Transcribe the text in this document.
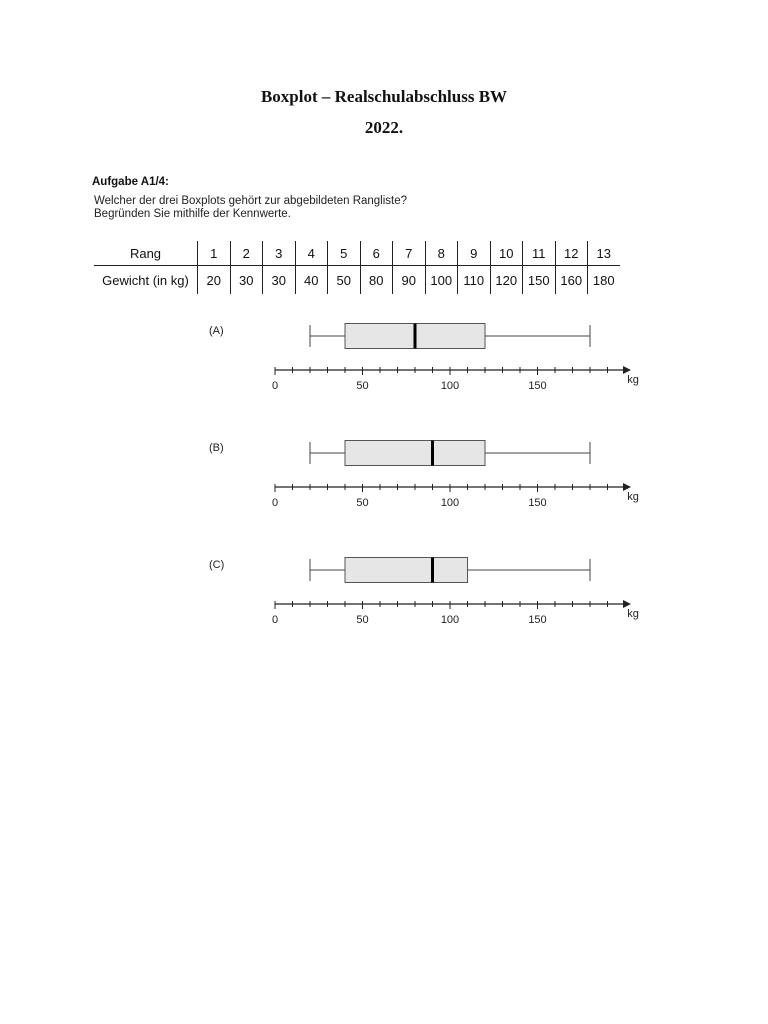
Boxplot – Realschulabschluss BW
2022.
Aufgabe A1/4:
Welcher der drei Boxplots gehört zur abgebildeten Rangliste?
Begründen Sie mithilfe der Kennwerte.
Rang	1	2	3	4	5	6	7	8	9	10	11	12	13
Gewicht (in kg)	20	30	30	40	50	80	90	100	110	120	150	160	180
(A)
0	50	100	150	kg
(B)
0	50	100	150	kg
(C)
0	50	100	150	kg
